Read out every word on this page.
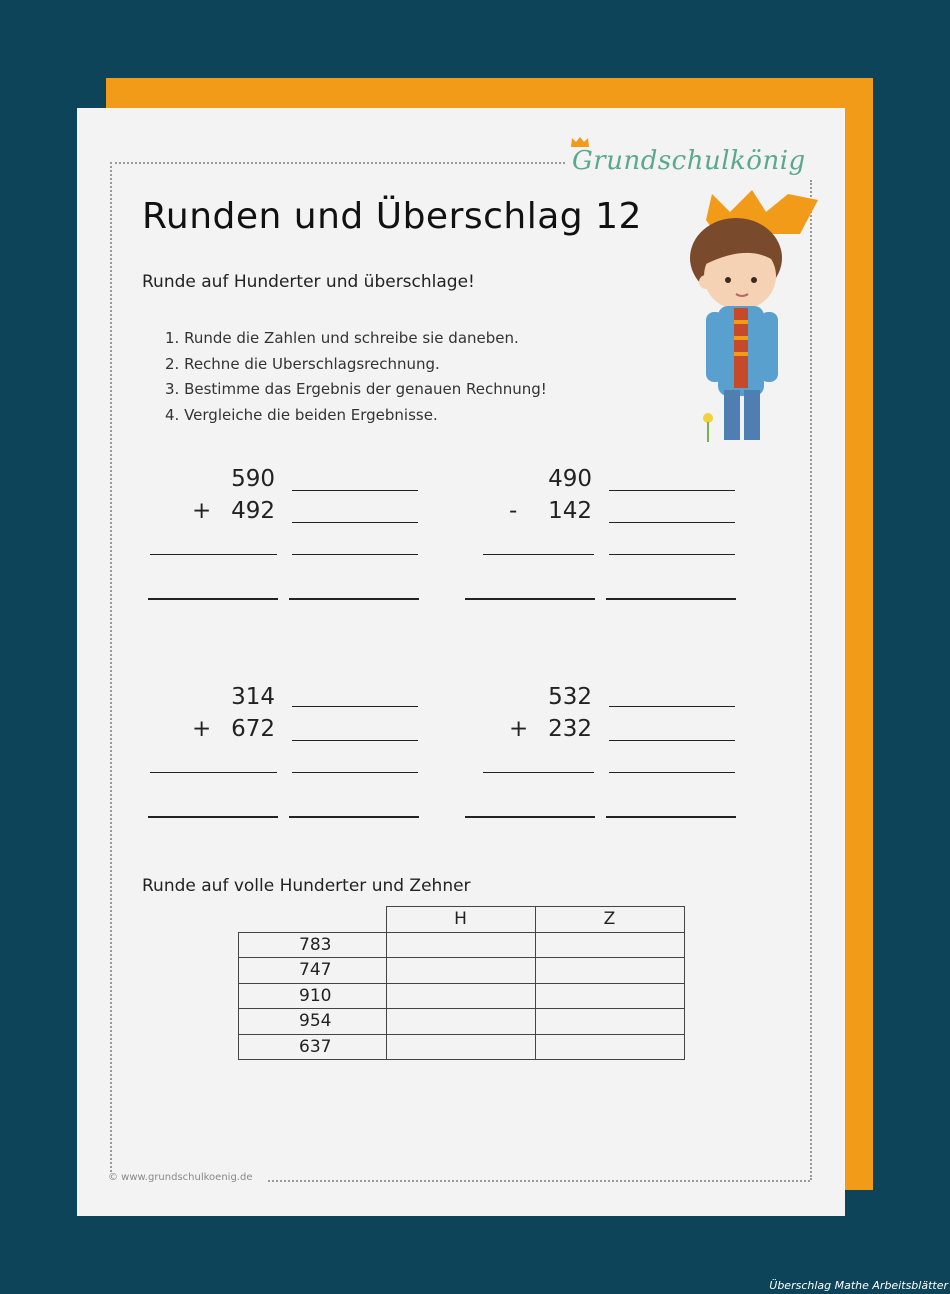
Grundschulkönig
Runden und Überschlag 12
Runde auf Hunderter und überschlage!
1. Runde die Zahlen und schreibe sie daneben.
2. Rechne die Uberschlagsrechnung.
3. Bestimme das Ergebnis der genauen Rechnung!
4. Vergleiche die beiden Ergebnisse.
590
+ 492
490
-	142
314
+ 672
532
+ 232
Runde auf volle Hunderter und Zehner
	H	Z
783		
747		
910		
954		
637		
© www.grundschulkoenig.de
Überschlag Mathe Arbeitsblätter
